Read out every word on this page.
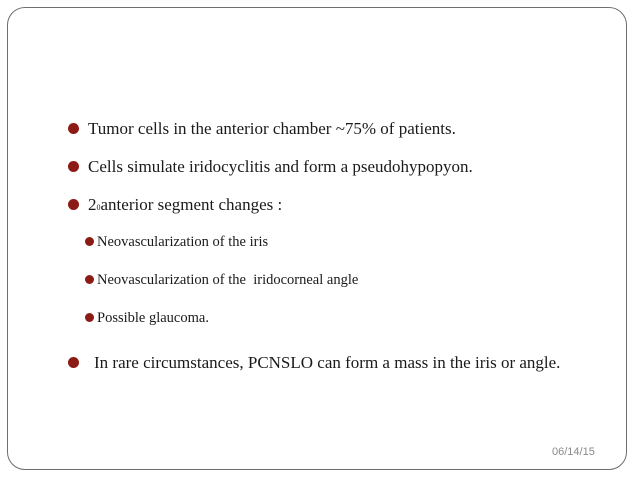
Tumor cells in the anterior chamber ~75% of patients.
Cells simulate iridocyclitis and form a pseudohypopyon.
2 0 anterior segment changes :
Neovascularization of the iris
Neovascularization of the  iridocorneal angle
Possible glaucoma.
In rare circumstances, PCNSLO can form a mass in the iris or angle.
06/14/15
